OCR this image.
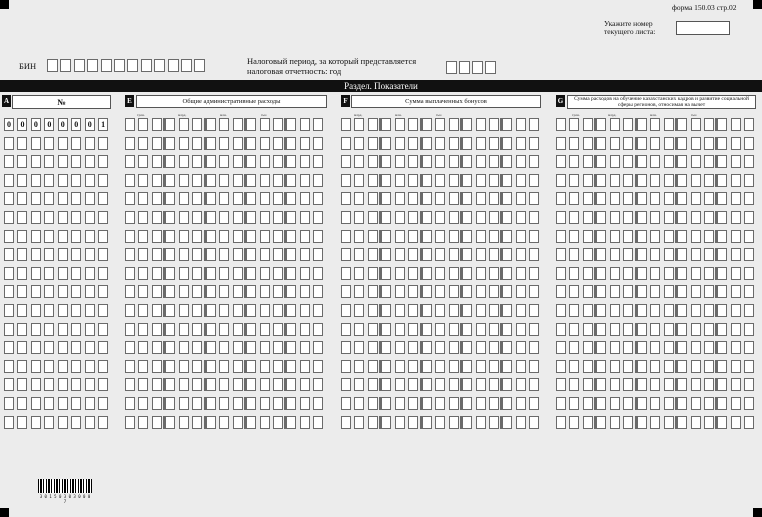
форма 150.03 стр.02
Укажите номер
текущего листа:
БИН	Налоговый период, за который представляется
налоговая отчетность: год
Раздел. Показатели
A	№	E	Общие административные расходы	F	Сумма выплаченных бонусов	G	Сумма расходов на обучение казахстанских кадров и развитие социальной сферы регионов, относимая на вычет
трлн.	млрд.	млн.	тыс.	млрд.	млн.	тыс.	трлн.	млрд.	млн.	тыс.
0	0	0	0	0	0	0	1
3 0 1 5 0 3 0 3 0 0 0 7
